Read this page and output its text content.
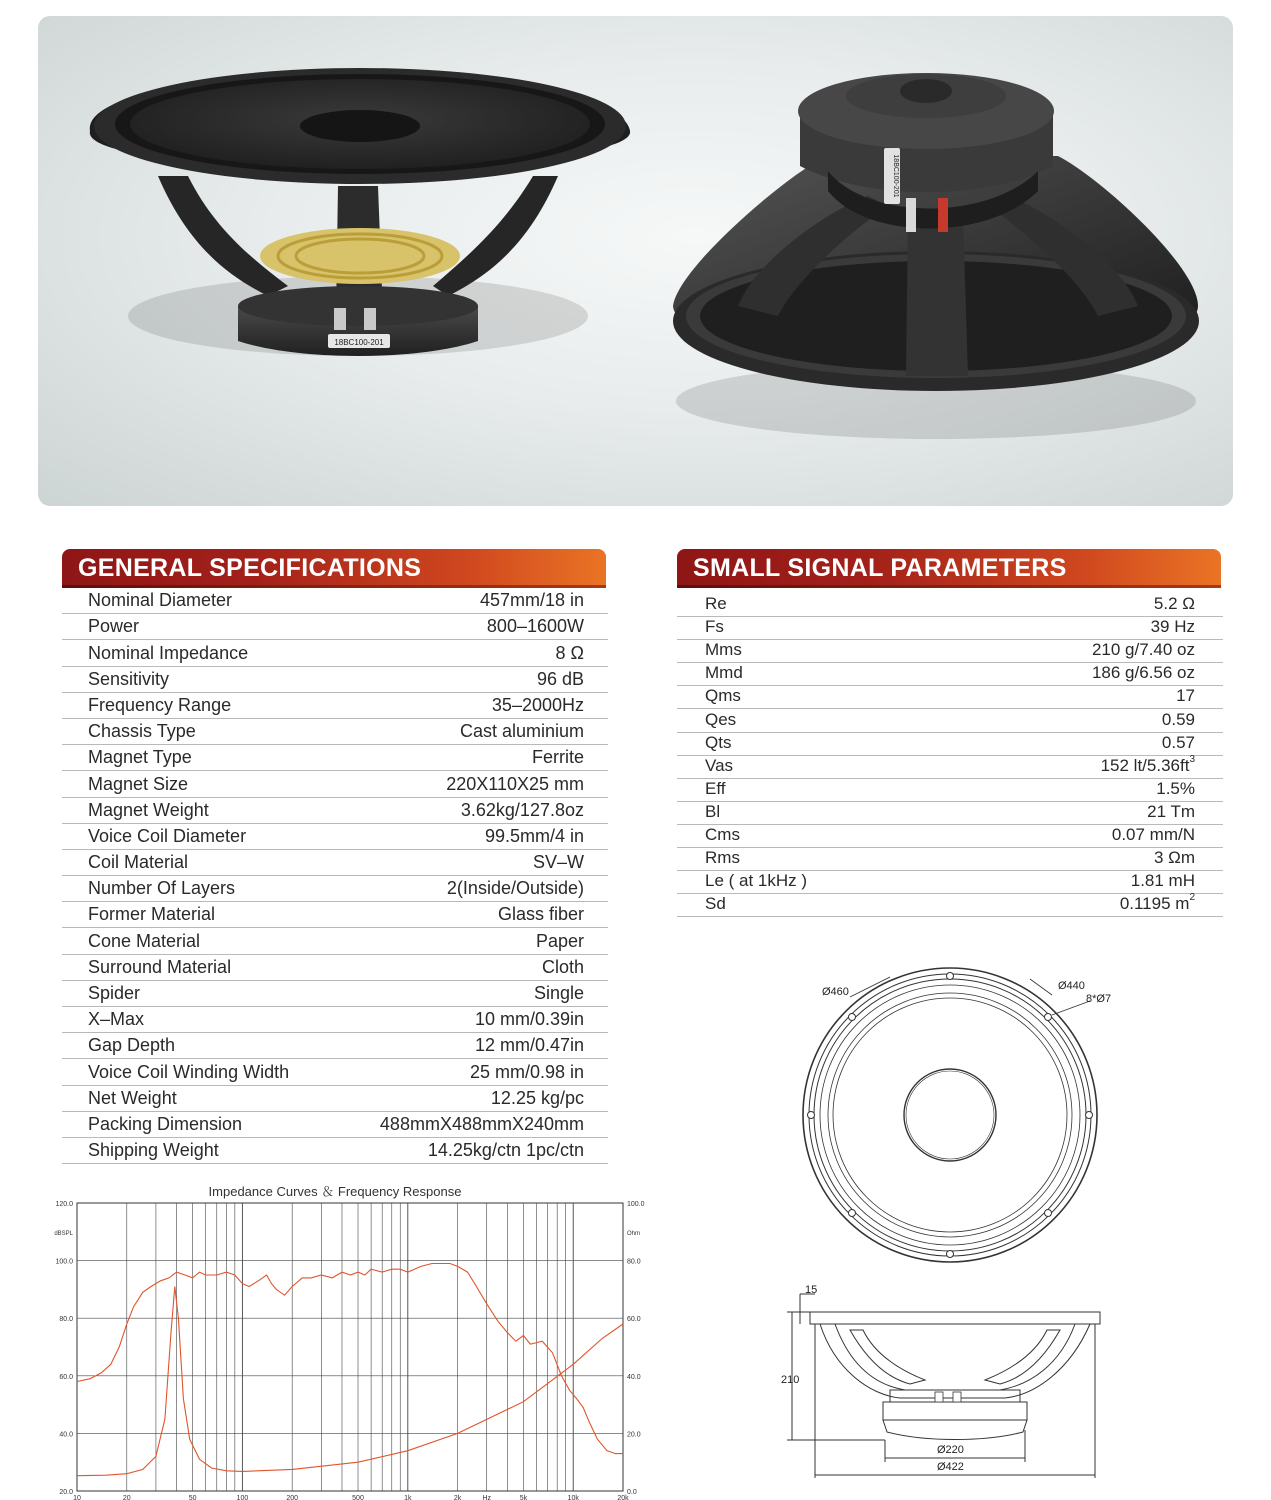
18BC100-201
18BC100-201
GENERAL SPECIFICATIONS
Nominal Diameter	457mm/18 in
Power	800–1600W
Nominal Impedance	8 Ω
Sensitivity	96 dB
Frequency Range	35–2000Hz
Chassis Type	Cast aluminium
Magnet Type	Ferrite
Magnet Size	220X110X25 mm
Magnet Weight	3.62kg/127.8oz
Voice Coil Diameter	99.5mm/4 in
Coil Material	SV–W
Number Of Layers	2(Inside/Outside)
Former Material	Glass fiber
Cone Material	Paper
Surround Material	Cloth
Spider	Single
X–Max	10 mm/0.39in
Gap Depth	12 mm/0.47in
Voice Coil Winding Width	25 mm/0.98 in
Net Weight	12.25 kg/pc
Packing Dimension	488mmX488mmX240mm
Shipping Weight	14.25kg/ctn 1pc/ctn
SMALL SIGNAL PARAMETERS
Re	5.2 Ω
Fs	39 Hz
Mms	210 g/7.40 oz
Mmd	186 g/6.56 oz
Qms	17
Qes	0.59
Qts	0.57
Vas	152 $lt/5.36ft^3$
Eff	1.5%
Bl	21 Tm
Cms	0.07 mm/N
Rms	3 Ωm
Le ( at 1kHz )	1.81 mH
Sd	0.1195 $m^2$
Impedance Curves ＆ Frequency Response
20.0
40.0
60.0
80.0
100.0
120.0
0.0
20.0
40.0
60.0
80.0
100.0
dBSPL	Ohm
10	20	50	100	200	500	1k	2k	5k	10k	20k
Hz
Ø460	Ø440
8*Ø7
15
210
Ø220
Ø422
